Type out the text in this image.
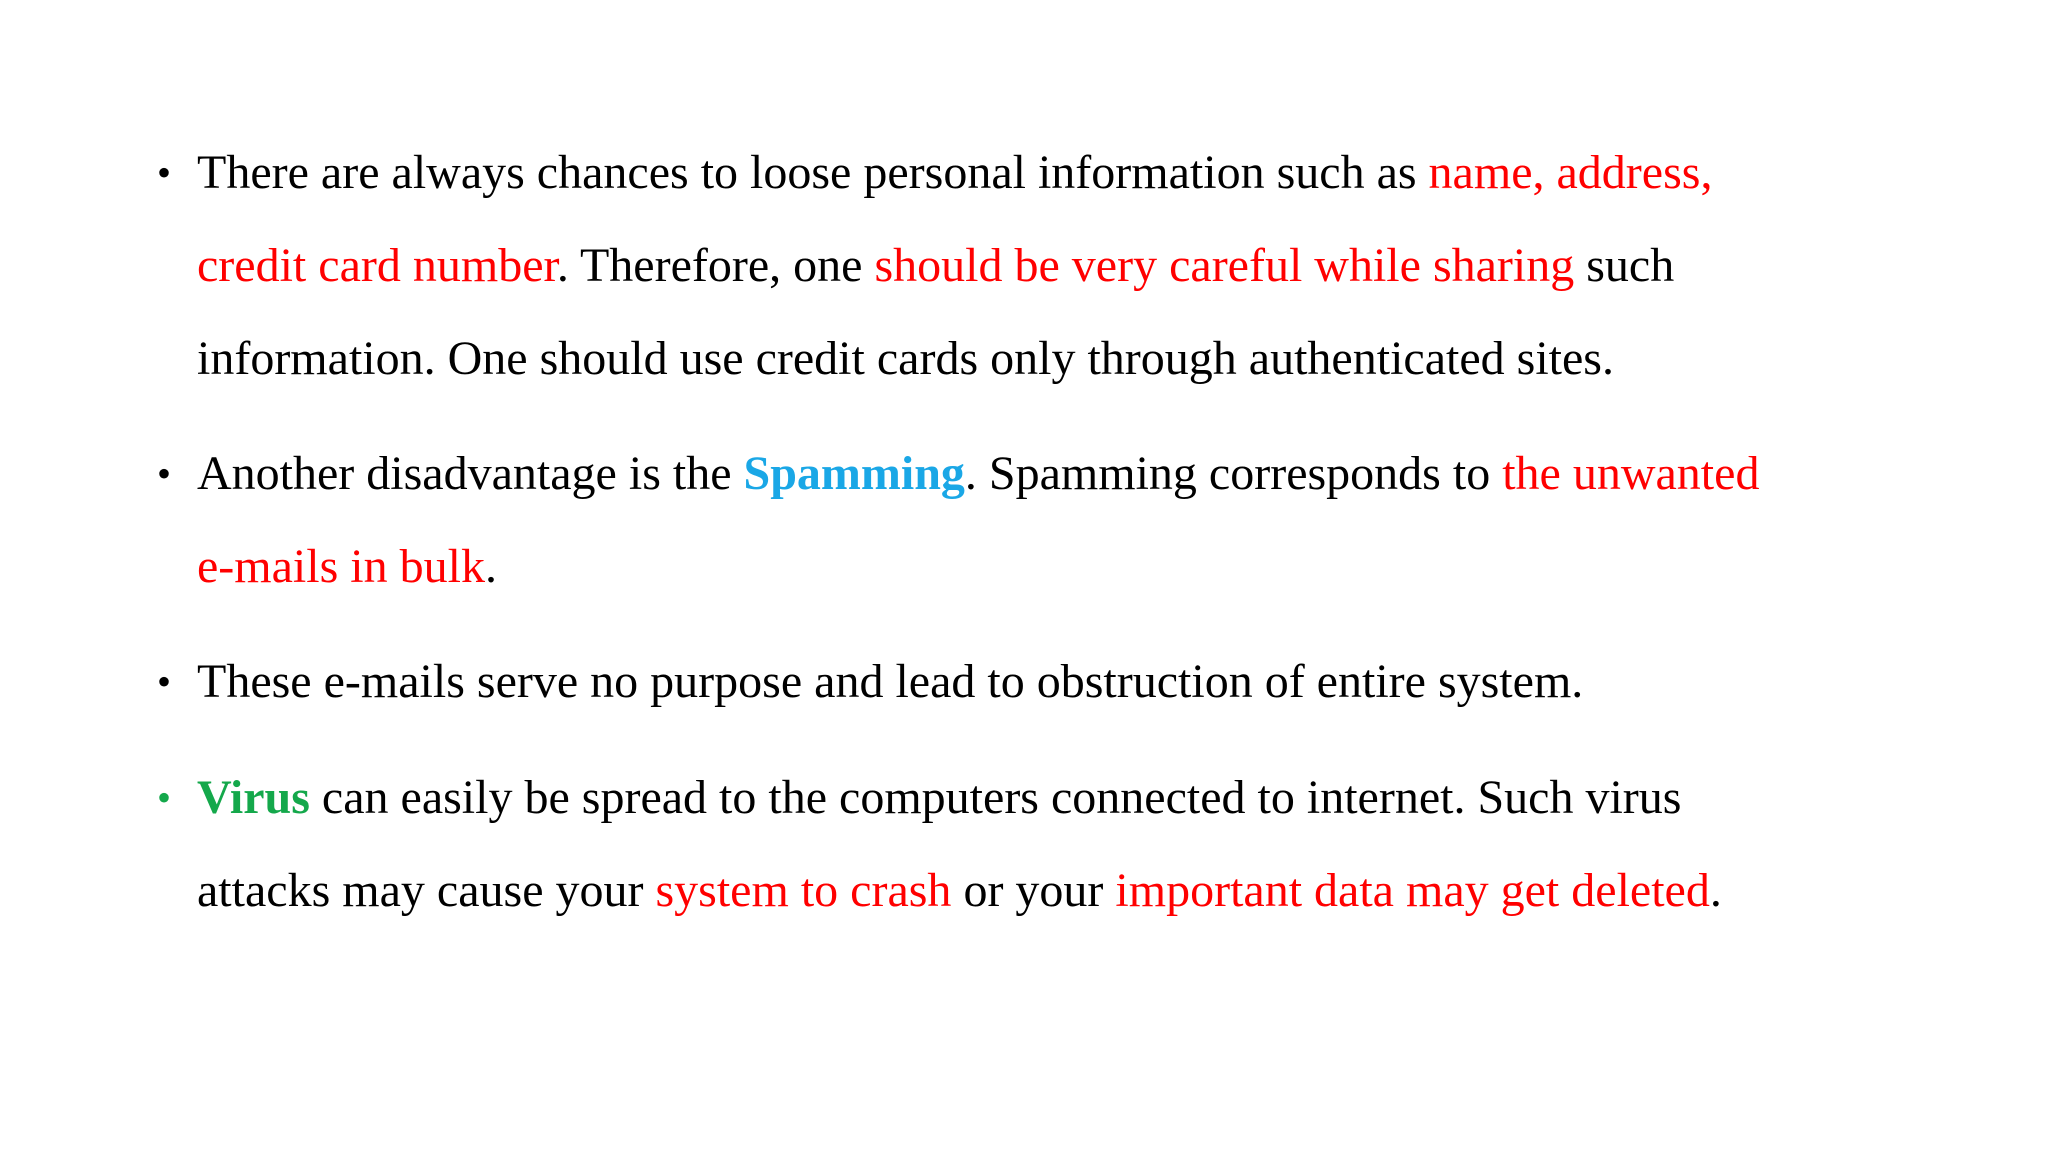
• There are always chances to loose personal information such as name, address,
credit card number. Therefore, one should be very careful while sharing such
information. One should use credit cards only through authenticated sites.
• Another disadvantage is the Spamming. Spamming corresponds to the unwanted
e-mails in bulk.
• These e-mails serve no purpose and lead to obstruction of entire system.
• Virus can easily be spread to the computers connected to internet. Such virus
attacks may cause your system to crash or your important data may get deleted.
